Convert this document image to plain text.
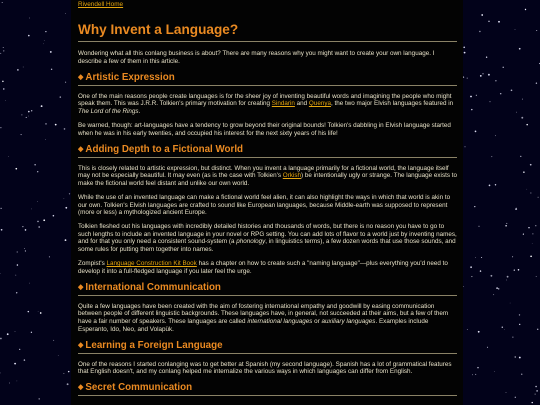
Rivendell Home
Why Invent a Language?

Wondering what all this conlang business is about? There are many reasons why you might want to create your own language. I describe a few of them in this article.

◆ Artistic Expression

One of the main reasons people create languages is for the sheer joy of inventing beautiful words and imagining the people who might speak them. This was J.R.R. Tolkien's primary motivation for creating Sindarin and Quenya, the two major Elvish languages featured in The Lord of the Rings.

Be warned, though: art-languages have a tendency to grow beyond their original bounds! Tolkien's dabbling in Elvish language started when he was in his early twenties, and occupied his interest for the next sixty years of his life!

◆ Adding Depth to a Fictional World

This is closely related to artistic expression, but distinct. When you invent a language primarily for a fictional world, the language itself may not be especially beautiful. It may even (as is the case with Tolkien's Orkish) be intentionally ugly or strange. The language exists to make the fictional world feel distant and unlike our own world.

While the use of an invented language can make a fictional world feel alien, it can also highlight the ways in which that world is akin to our own. Tolkien's Elvish languages are crafted to sound like European languages, because Middle-earth was supposed to represent (more or less) a mythologized ancient Europe.

Tolkien fleshed out his languages with incredibly detailed histories and thousands of words, but there is no reason you have to go to such lengths to include an invented language in your novel or RPG setting. You can add lots of flavor to a world just by inventing names, and for that you only need a consistent sound-system (a phonology, in linguistics terms), a few dozen words that use those sounds, and some rules for putting them together into names.

Zompist's Language Construction Kit Book has a chapter on how to create such a "naming language"—plus everything you'd need to develop it into a full-fledged language if you later feel the urge.

◆ International Communication

Quite a few languages have been created with the aim of fostering international empathy and goodwill by easing communication between people of different linguistic backgrounds. These languages have, in general, not succeeded at their aims, but a few of them have a fair number of speakers. These languages are called international languages or auxiliary languages. Examples include Esperanto, Ido, Neo, and Volapük.

◆ Learning a Foreign Language

One of the reasons I started conlanging was to get better at Spanish (my second language). Spanish has a lot of grammatical features that English doesn't, and my conlang helped me internalize the various ways in which languages can differ from English.

◆ Secret Communication
